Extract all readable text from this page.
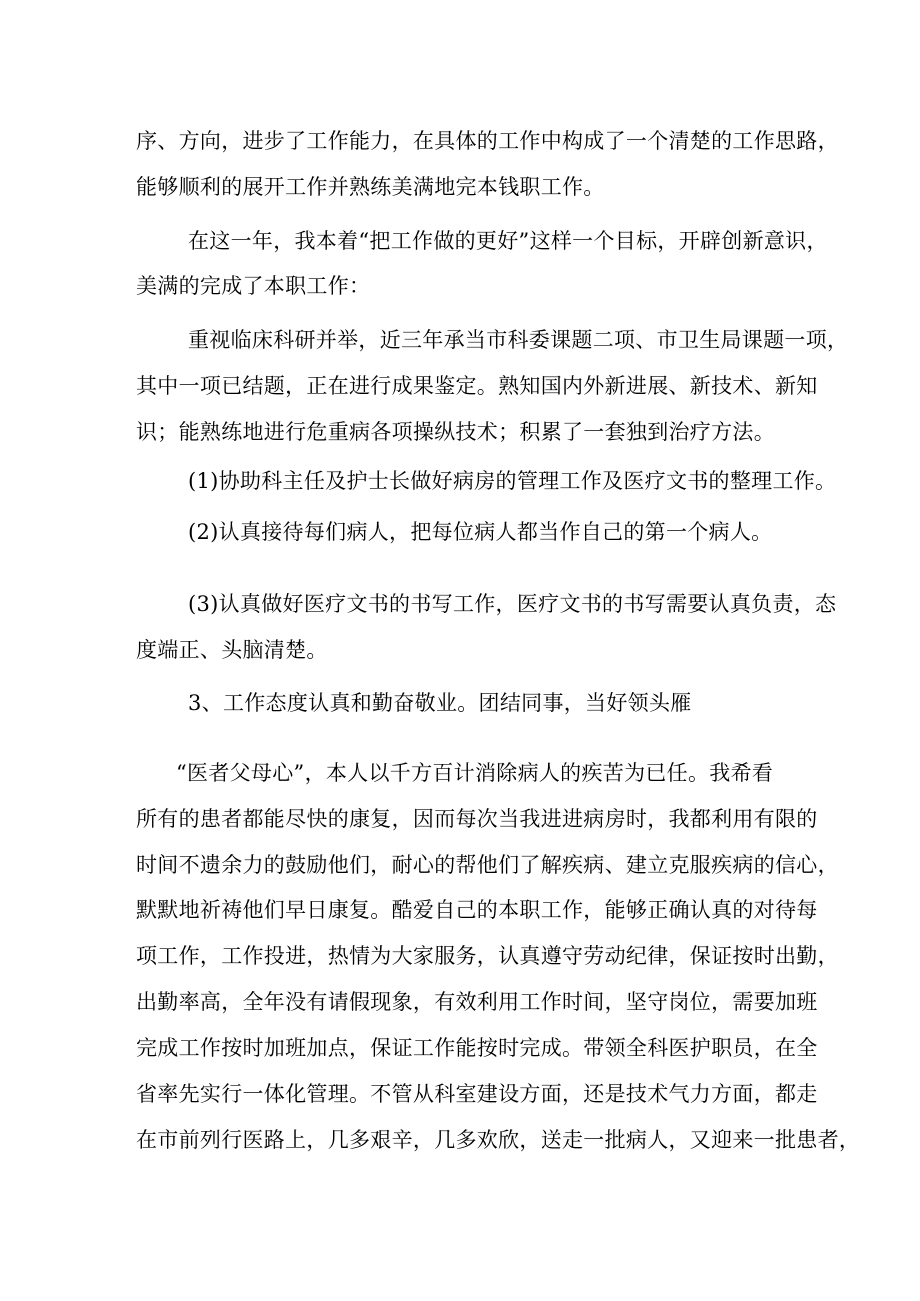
序、方向，进步了工作能力，在具体的工作中构成了一个清楚的工作思路，
能够顺利的展开工作并熟练美满地完本钱职工作。
在这一年，我本着“把工作做的更好”这样一个目标，开辟创新意识，
美满的完成了本职工作：
重视临床科研并举，近三年承当市科委课题二项、市卫生局课题一项，
其中一项已结题，正在进行成果鉴定。熟知国内外新进展、新技术、新知
识；能熟练地进行危重病各项操纵技术；积累了一套独到治疗方法。
(1)协助科主任及护士长做好病房的管理工作及医疗文书的整理工作。
(2)认真接待每们病人，把每位病人都当作自己的第一个病人。
(3)认真做好医疗文书的书写工作，医疗文书的书写需要认真负责，态
度端正、头脑清楚。
3、工作态度认真和勤奋敬业。团结同事，当好领头雁
“医者父母心”，本人以千方百计消除病人的疾苦为已任。我希看
所有的患者都能尽快的康复，因而每次当我进进病房时，我都利用有限的
时间不遗余力的鼓励他们，耐心的帮他们了解疾病、建立克服疾病的信心，
默默地祈祷他们早日康复。酷爱自己的本职工作，能够正确认真的对待每
项工作，工作投进，热情为大家服务，认真遵守劳动纪律，保证按时出勤，
出勤率高，全年没有请假现象，有效利用工作时间，坚守岗位，需要加班
完成工作按时加班加点，保证工作能按时完成。带领全科医护职员，在全
省率先实行一体化管理。不管从科室建设方面，还是技术气力方面，都走
在市前列行医路上，几多艰辛，几多欢欣，送走一批病人，又迎来一批患者，
